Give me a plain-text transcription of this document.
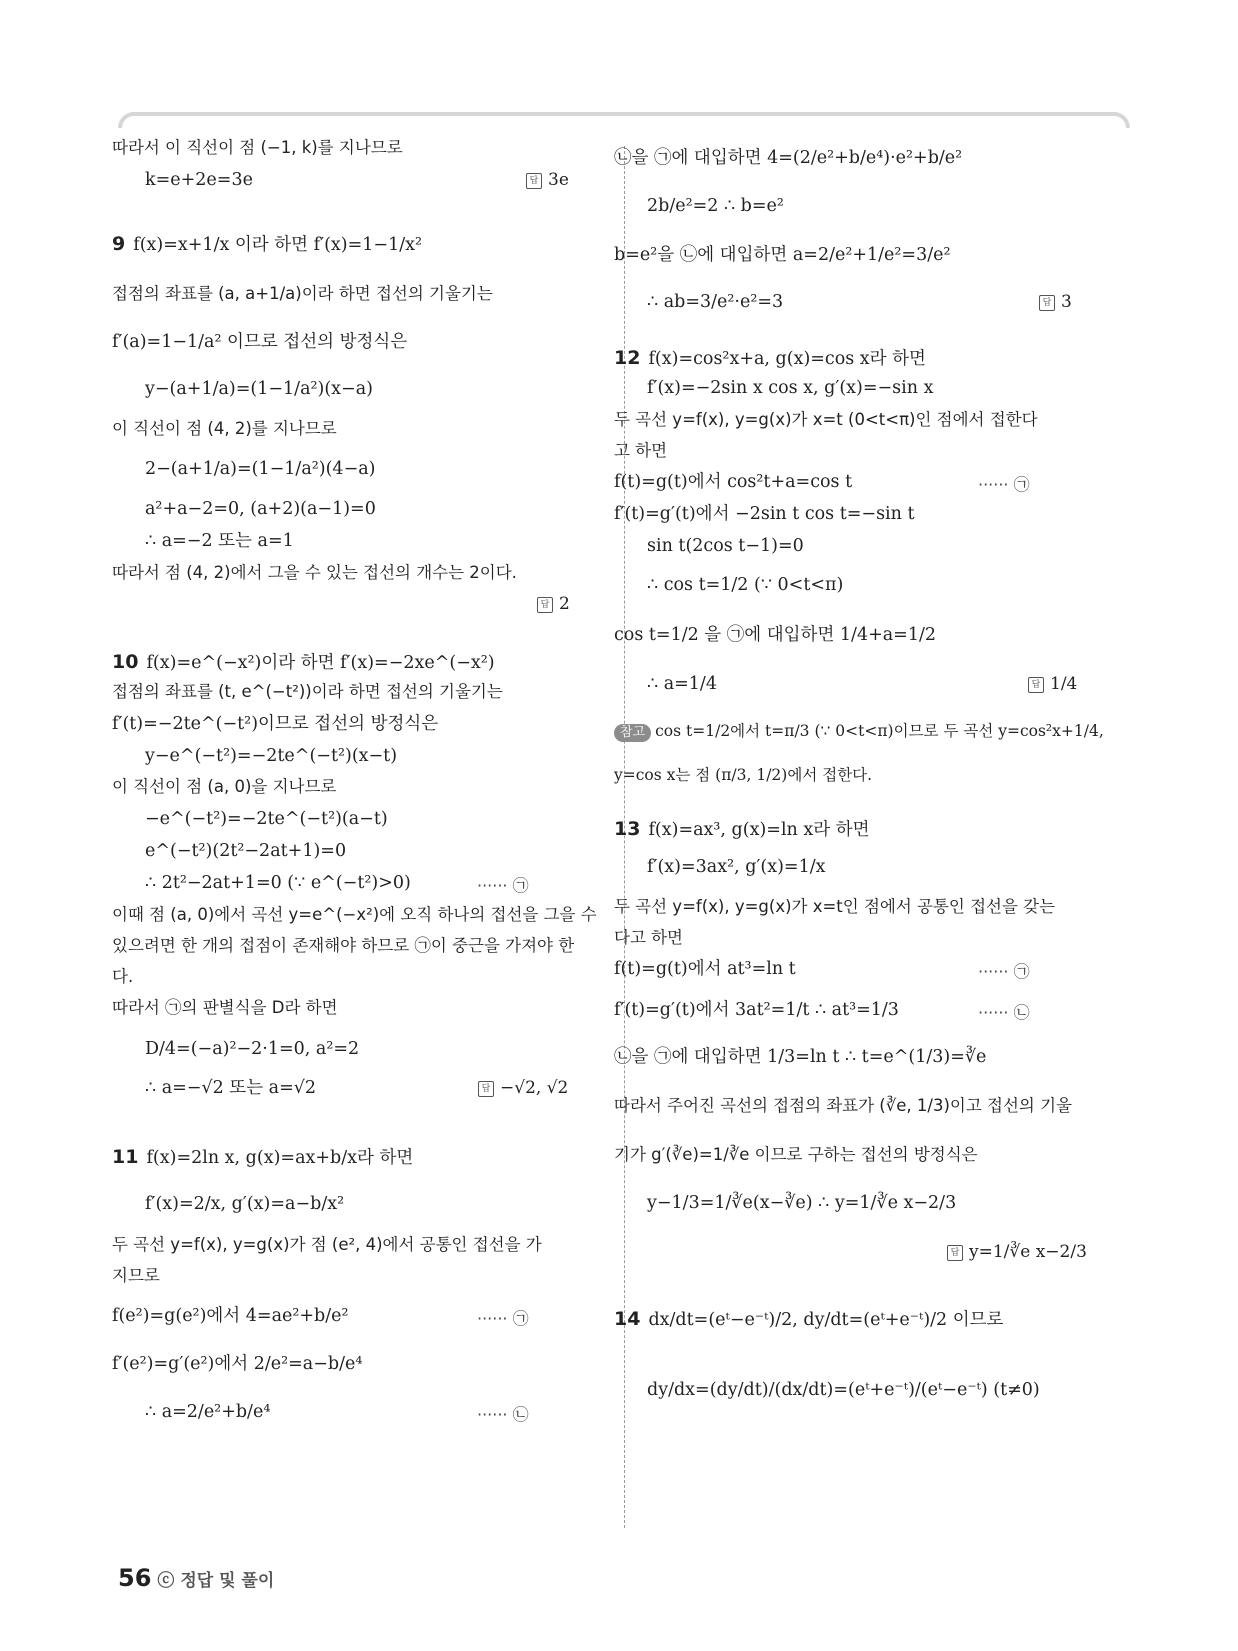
따라서 이 직선이 점 (−1, k)를 지나므로
k=e+2e=3e	답 3e
9 f(x)=x+1/x 이라 하면 f′(x)=1−1/x²
접점의 좌표를 (a, a+1/a)이라 하면 접선의 기울기는
f′(a)=1−1/a² 이므로 접선의 방정식은
y−(a+1/a)=(1−1/a²)(x−a)
이 직선이 점 (4, 2)를 지나므로
2−(a+1/a)=(1−1/a²)(4−a)
a²+a−2=0, (a+2)(a−1)=0
∴ a=−2 또는 a=1
따라서 점 (4, 2)에서 그을 수 있는 접선의 개수는 2이다.
답 2
10 f(x)=e^(−x²)이라 하면 f′(x)=−2xe^(−x²)
접점의 좌표를 (t, e^(−t²))이라 하면 접선의 기울기는
f′(t)=−2te^(−t²)이므로 접선의 방정식은
y−e^(−t²)=−2te^(−t²)(x−t)
이 직선이 점 (a, 0)을 지나므로
−e^(−t²)=−2te^(−t²)(a−t)
e^(−t²)(2t²−2at+1)=0
∴ 2t²−2at+1=0 (∵ e^(−t²)>0)	······ ㉠
이때 점 (a, 0)에서 곡선 y=e^(−x²)에 오직 하나의 접선을 그을 수
있으려면 한 개의 접점이 존재해야 하므로 ㉠이 중근을 가져야 한
다.
따라서 ㉠의 판별식을 D라 하면
D/4=(−a)²−2·1=0, a²=2
∴ a=−√2 또는 a=√2	답 −√2, √2
11 f(x)=2ln x, g(x)=ax+b/x라 하면
f′(x)=2/x, g′(x)=a−b/x²
두 곡선 y=f(x), y=g(x)가 점 (e², 4)에서 공통인 접선을 가
지므로
f(e²)=g(e²)에서 4=ae²+b/e²	······ ㉠
f′(e²)=g′(e²)에서 2/e²=a−b/e⁴
∴ a=2/e²+b/e⁴	······ ㉡
㉡을 ㉠에 대입하면 4=(2/e²+b/e⁴)·e²+b/e²
2b/e²=2 ∴ b=e²
b=e²을 ㉡에 대입하면 a=2/e²+1/e²=3/e²
∴ ab=3/e²·e²=3	답 3
12 f(x)=cos²x+a, g(x)=cos x라 하면
f′(x)=−2sin x cos x, g′(x)=−sin x
두 곡선 y=f(x), y=g(x)가 x=t (0<t<π)인 점에서 접한다
고 하면
f(t)=g(t)에서 cos²t+a=cos t	······ ㉠
f′(t)=g′(t)에서 −2sin t cos t=−sin t
sin t(2cos t−1)=0
∴ cos t=1/2 (∵ 0<t<π)
cos t=1/2 을 ㉠에 대입하면 1/4+a=1/2
∴ a=1/4	답 1/4
참고 cos t=1/2에서 t=π/3 (∵ 0<t<π)이므로 두 곡선 y=cos²x+1/4,
y=cos x는 점 (π/3, 1/2)에서 접한다.
13 f(x)=ax³, g(x)=ln x라 하면
f′(x)=3ax², g′(x)=1/x
두 곡선 y=f(x), y=g(x)가 x=t인 점에서 공통인 접선을 갖는
다고 하면
f(t)=g(t)에서 at³=ln t	······ ㉠
f′(t)=g′(t)에서 3at²=1/t ∴ at³=1/3	······ ㉡
㉡을 ㉠에 대입하면 1/3=ln t ∴ t=e^(1/3)=∛e
따라서 주어진 곡선의 접점의 좌표가 (∛e, 1/3)이고 접선의 기울
기가 g′(∛e)=1/∛e 이므로 구하는 접선의 방정식은
y−1/3=1/∛e(x−∛e) ∴ y=1/∛e x−2/3
답 y=1/∛e x−2/3
14 dx/dt=(eᵗ−e⁻ᵗ)/2, dy/dt=(eᵗ+e⁻ᵗ)/2 이므로
dy/dx=(dy/dt)/(dx/dt)=(eᵗ+e⁻ᵗ)/(eᵗ−e⁻ᵗ) (t≠0)
56 ⓒ 정답 및 풀이
